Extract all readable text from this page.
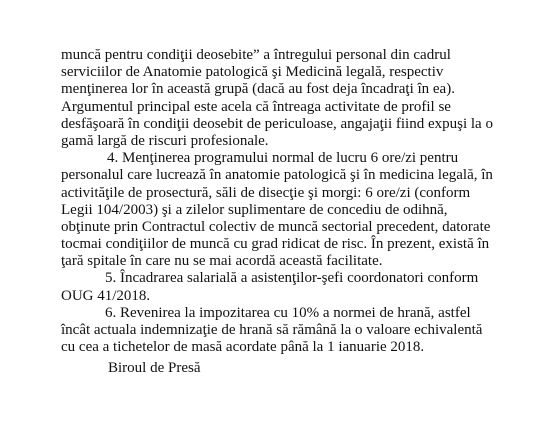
muncă pentru condiţii deosebite” a întregului personal din cadrul
serviciilor de Anatomie patologică şi Medicină legală, respectiv
menţinerea lor în această grupă (dacă au fost deja încadraţi în ea).
Argumentul principal este acela că întreaga activitate de profil se
desfăşoară în condiţii deosebit de periculoase, angajaţii fiind expuşi la o
gamă largă de riscuri profesionale.
4. Menţinerea programului normal de lucru 6 ore/zi pentru
personalul care lucrează în anatomie patologică şi în medicina legală, în
activităţile de prosectură, săli de disecţie şi morgi: 6 ore/zi (conform
Legii 104/2003) şi a zilelor suplimentare de concediu de odihnă,
obţinute prin Contractul colectiv de muncă sectorial precedent, datorate
tocmai condiţiilor de muncă cu grad ridicat de risc. În prezent, există în
ţară spitale în care nu se mai acordă această facilitate.
5. Încadrarea salarială a asistenţilor-şefi coordonatori conform
OUG 41/2018.
6. Revenirea la impozitarea cu 10% a normei de hrană, astfel
încât actuala indemnizaţie de hrană să rămână la o valoare echivalentă
cu cea a tichetelor de masă acordate până la 1 ianuarie 2018.
Biroul de Presă
